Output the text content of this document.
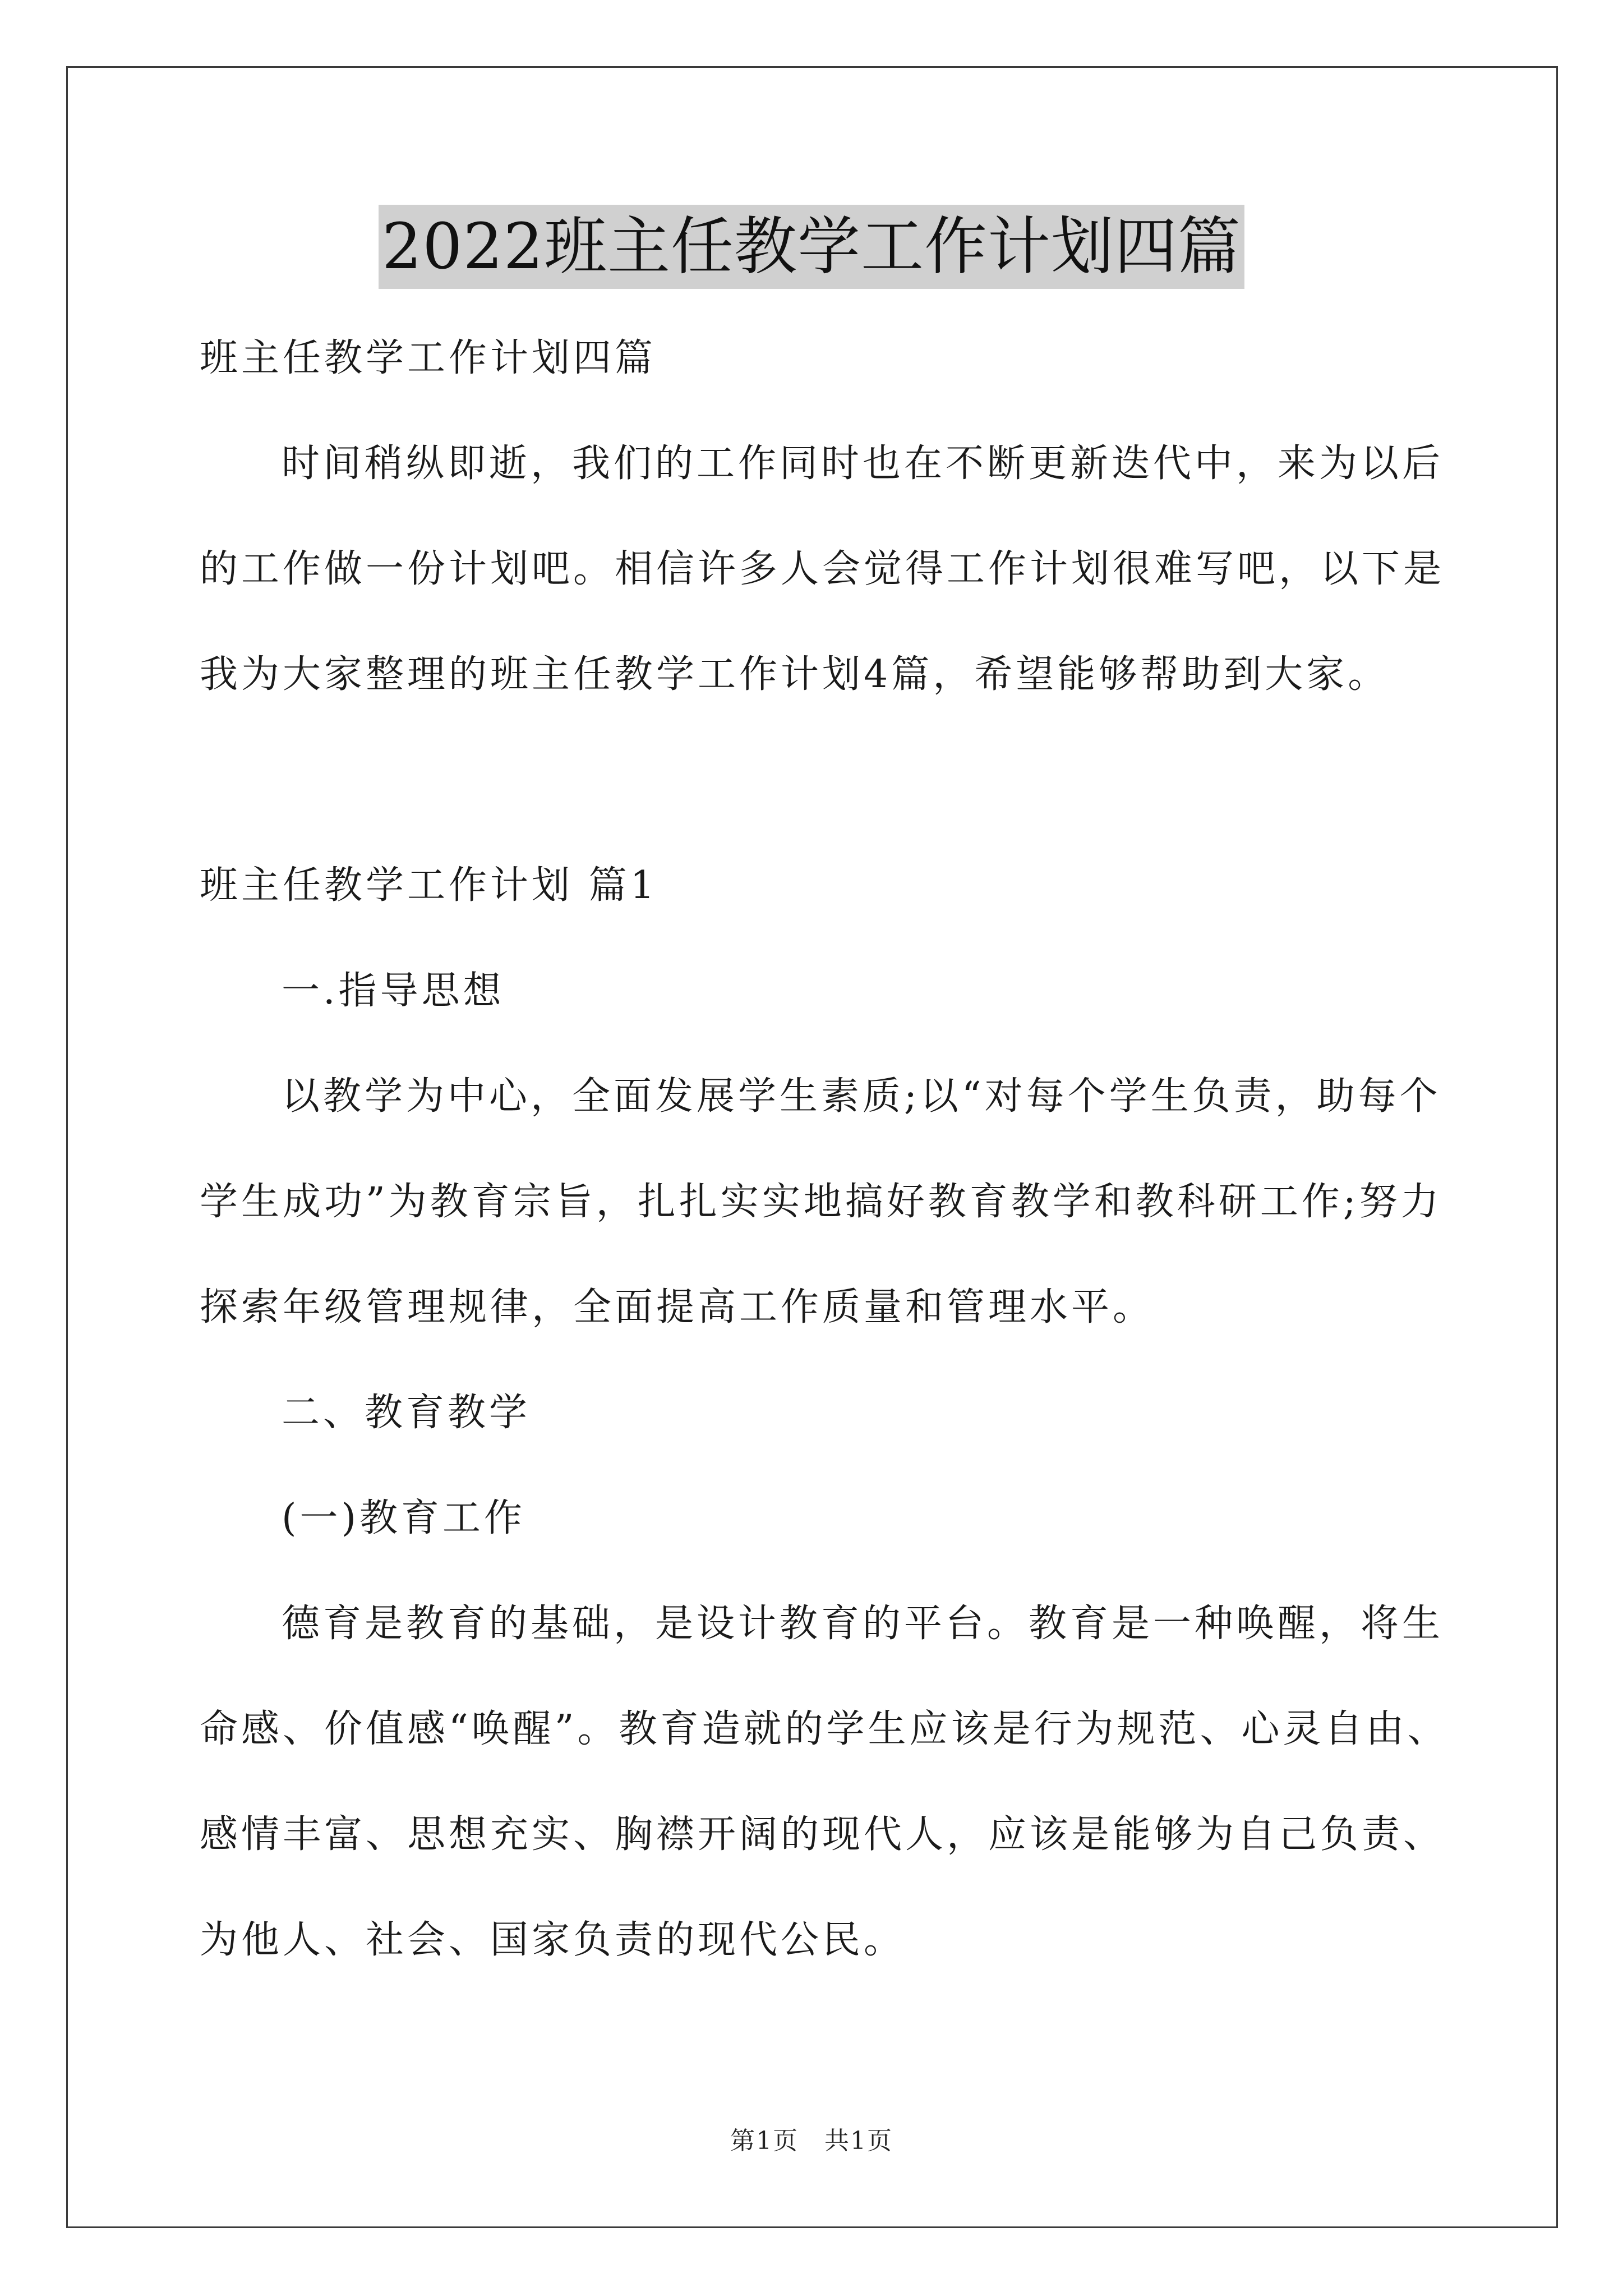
2022班主任教学工作计划四篇
班主任教学工作计划四篇
时间稍纵即逝，我们的工作同时也在不断更新迭代中，来为以后
的工作做一份计划吧。相信许多人会觉得工作计划很难写吧，以下是
我为大家整理的班主任教学工作计划4篇，希望能够帮助到大家。
班主任教学工作计划 篇1
一.指导思想
以教学为中心，全面发展学生素质;以“对每个学生负责，助每个
学生成功”为教育宗旨，扎扎实实地搞好教育教学和教科研工作;努力
探索年级管理规律，全面提高工作质量和管理水平。
二、教育教学
(一)教育工作
德育是教育的基础，是设计教育的平台。教育是一种唤醒，将生
命感、价值感“唤醒”。教育造就的学生应该是行为规范、心灵自由、
感情丰富、思想充实、胸襟开阔的现代人，应该是能够为自己负责、
为他人、社会、国家负责的现代公民。
第1页　共1页
